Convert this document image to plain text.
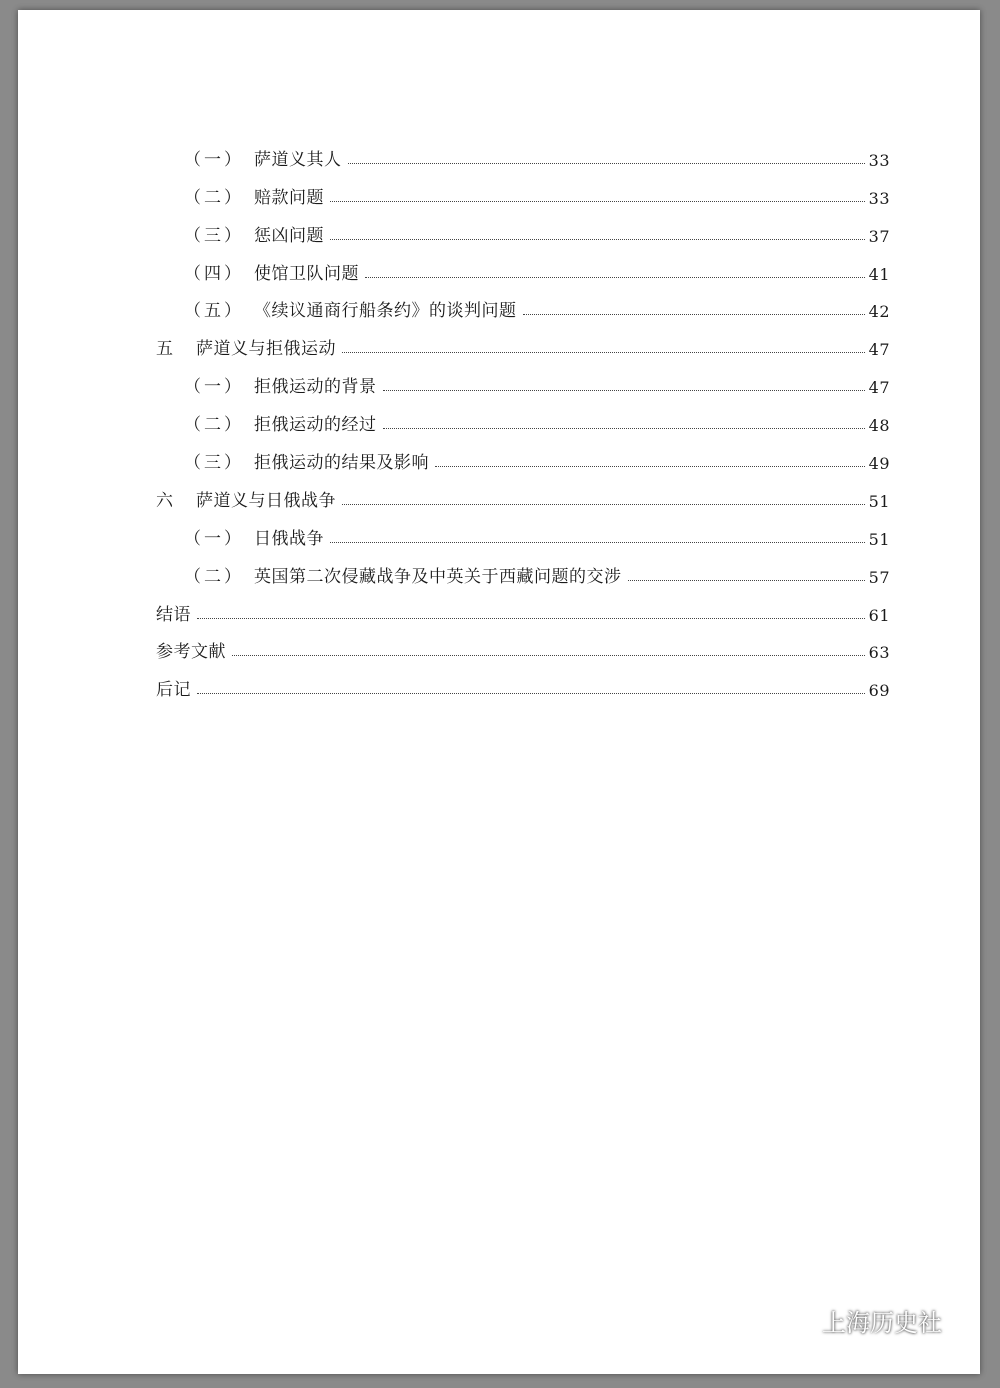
（一） 萨道义其人	33
（二） 赔款问题	33
（三） 惩凶问题	37
（四） 使馆卫队问题	41
（五） 《续议通商行船条约》的谈判问题	42
五	萨道义与拒俄运动	47
（一） 拒俄运动的背景	47
（二） 拒俄运动的经过	48
（三） 拒俄运动的结果及影响	49
六	萨道义与日俄战争	51
（一） 日俄战争	51
（二） 英国第二次侵藏战争及中英关于西藏问题的交涉	57
结语	61
参考文献	63
后记	69
上海历史社
